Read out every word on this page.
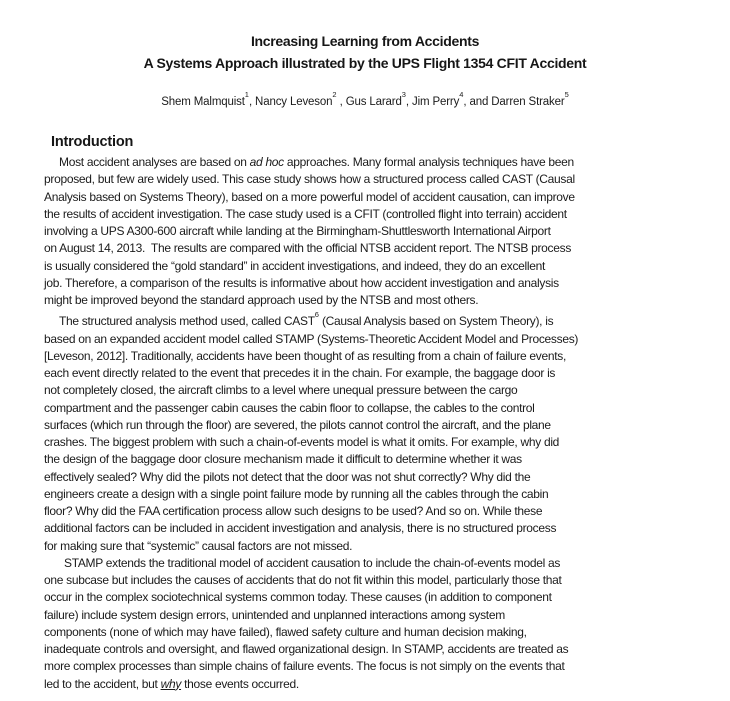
Increasing Learning from Accidents
A Systems Approach illustrated by the UPS Flight 1354 CFIT Accident
Shem Malmquist$^1$, Nancy Leveson$^2$ , Gus Larard$^3$, Jim Perry$^4$, and Darren Straker$^5$
Introduction
Most accident analyses are based on ad hoc approaches. Many formal analysis techniques have been
proposed, but few are widely used. This case study shows how a structured process called CAST (Causal
Analysis based on Systems Theory), based on a more powerful model of accident causation, can improve
the results of accident investigation. The case study used is a CFIT (controlled flight into terrain) accident
involving a UPS A300-600 aircraft while landing at the Birmingham-Shuttlesworth International Airport
on August 14, 2013.  The results are compared with the official NTSB accident report. The NTSB process
is usually considered the “gold standard” in accident investigations, and indeed, they do an excellent
job. Therefore, a comparison of the results is informative about how accident investigation and analysis
might be improved beyond the standard approach used by the NTSB and most others.
The structured analysis method used, called CAST$^6$ (Causal Analysis based on System Theory), is
based on an expanded accident model called STAMP (Systems-Theoretic Accident Model and Processes)
[Leveson, 2012]. Traditionally, accidents have been thought of as resulting from a chain of failure events,
each event directly related to the event that precedes it in the chain. For example, the baggage door is
not completely closed, the aircraft climbs to a level where unequal pressure between the cargo
compartment and the passenger cabin causes the cabin floor to collapse, the cables to the control
surfaces (which run through the floor) are severed, the pilots cannot control the aircraft, and the plane
crashes. The biggest problem with such a chain-of-events model is what it omits. For example, why did
the design of the baggage door closure mechanism made it difficult to determine whether it was
effectively sealed? Why did the pilots not detect that the door was not shut correctly? Why did the
engineers create a design with a single point failure mode by running all the cables through the cabin
floor? Why did the FAA certification process allow such designs to be used? And so on. While these
additional factors can be included in accident investigation and analysis, there is no structured process
for making sure that “systemic” causal factors are not missed.
STAMP extends the traditional model of accident causation to include the chain-of-events model as
one subcase but includes the causes of accidents that do not fit within this model, particularly those that
occur in the complex sociotechnical systems common today. These causes (in addition to component
failure) include system design errors, unintended and unplanned interactions among system
components (none of which may have failed), flawed safety culture and human decision making,
inadequate controls and oversight, and flawed organizational design. In STAMP, accidents are treated as
more complex processes than simple chains of failure events. The focus is not simply on the events that
led to the accident, but why those events occurred.
